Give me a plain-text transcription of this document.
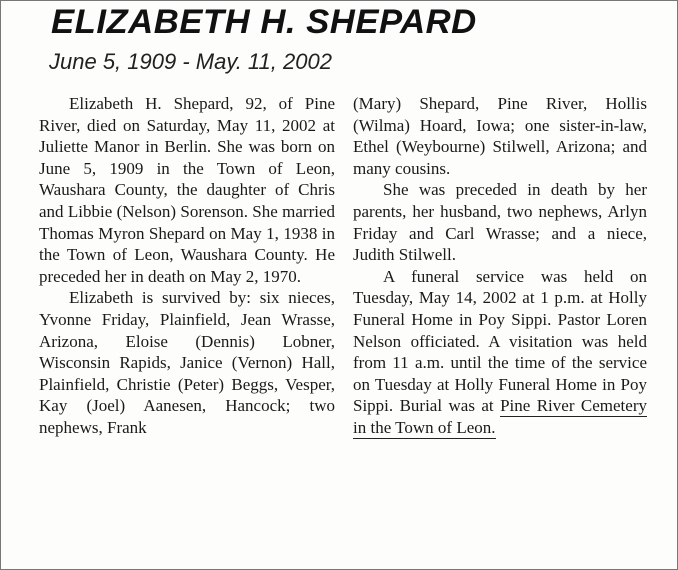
ELIZABETH H. SHEPARD
June 5, 1909 - May. 11, 2002

Elizabeth H. Shepard, 92, of Pine River, died on Saturday, May 11, 2002 at Juliette Manor in Berlin. She was born on June 5, 1909 in the Town of Leon, Waushara County, the daughter of Chris and Libbie (Nelson) Sorenson. She married Thomas Myron Shepard on May 1, 1938 in the Town of Leon, Waushara County. He preceded her in death on May 2, 1970.

Elizabeth is survived by: six nieces, Yvonne Friday, Plainfield, Jean Wrasse, Arizona, Eloise (Dennis) Lobner, Wisconsin Rapids, Janice (Vernon) Hall, Plainfield, Christie (Peter) Beggs, Vesper, Kay (Joel) Aanesen, Hancock; two nephews, Frank

(Mary) Shepard, Pine River, Hollis (Wilma) Hoard, Iowa; one sister-in-law, Ethel (Weybourne) Stilwell, Arizona; and many cousins.

She was preceded in death by her parents, her husband, two nephews, Arlyn Friday and Carl Wrasse; and a niece, Judith Stilwell.

A funeral service was held on Tuesday, May 14, 2002 at 1 p.m. at Holly Funeral Home in Poy Sippi. Pastor Loren Nelson officiated. A visitation was held from 11 a.m. until the time of the service on Tuesday at Holly Funeral Home in Poy Sippi. Burial was at Pine River Cemetery in the Town of Leon.
